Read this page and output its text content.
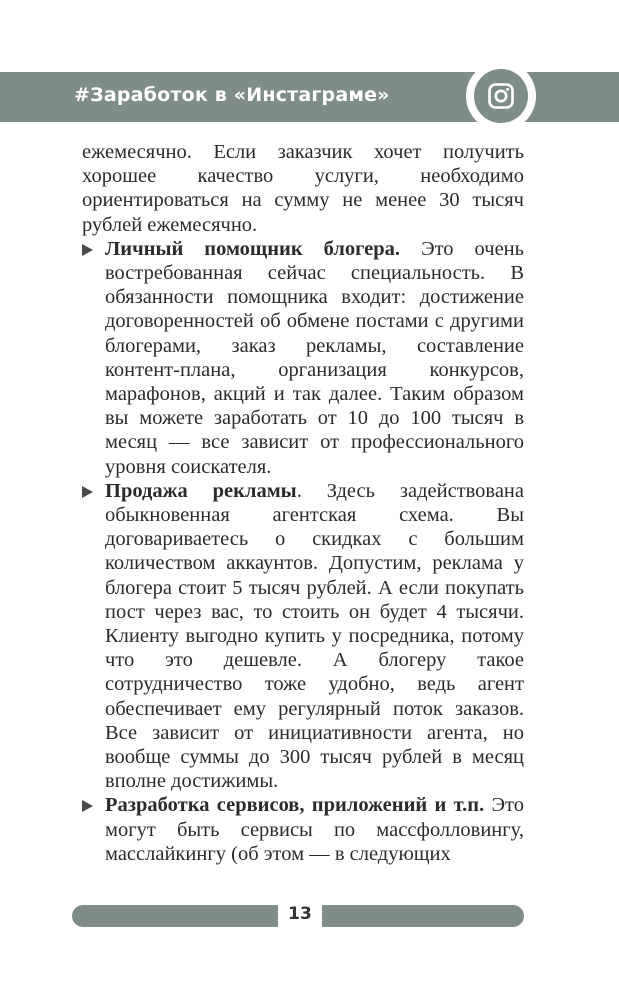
#Заработок в «Инстаграме»

ежемесячно. Если заказчик хочет получить хорошее качество услуги, необходимо ориентироваться на сумму не менее 30 тысяч рублей ежемесячно.

Личный помощник блогера. Это очень востребованная сейчас специальность. В обязанности помощника входит: достижение договоренностей об обмене постами с другими блогерами, заказ рекламы, составление контент-плана, организация конкурсов, марафонов, акций и так далее. Таким образом вы можете заработать от 10 до 100 тысяч в месяц — все зависит от профессионального уровня соискателя.

Продажа рекламы. Здесь задействована обыкновенная агентская схема. Вы договариваетесь о скидках с большим количеством аккаунтов. Допустим, реклама у блогера стоит 5 тысяч рублей. А если покупать пост через вас, то стоить он будет 4 тысячи. Клиенту выгодно купить у посредника, потому что это дешевле. А блогеру такое сотрудничество тоже удобно, ведь агент обеспечивает ему регулярный поток заказов. Все зависит от инициативности агента, но вообще суммы до 300 тысяч рублей в месяц вполне достижимы.

Разработка сервисов, приложений и т.п. Это могут быть сервисы по массфолловингу, масслайкингу (об этом — в следующих

13
